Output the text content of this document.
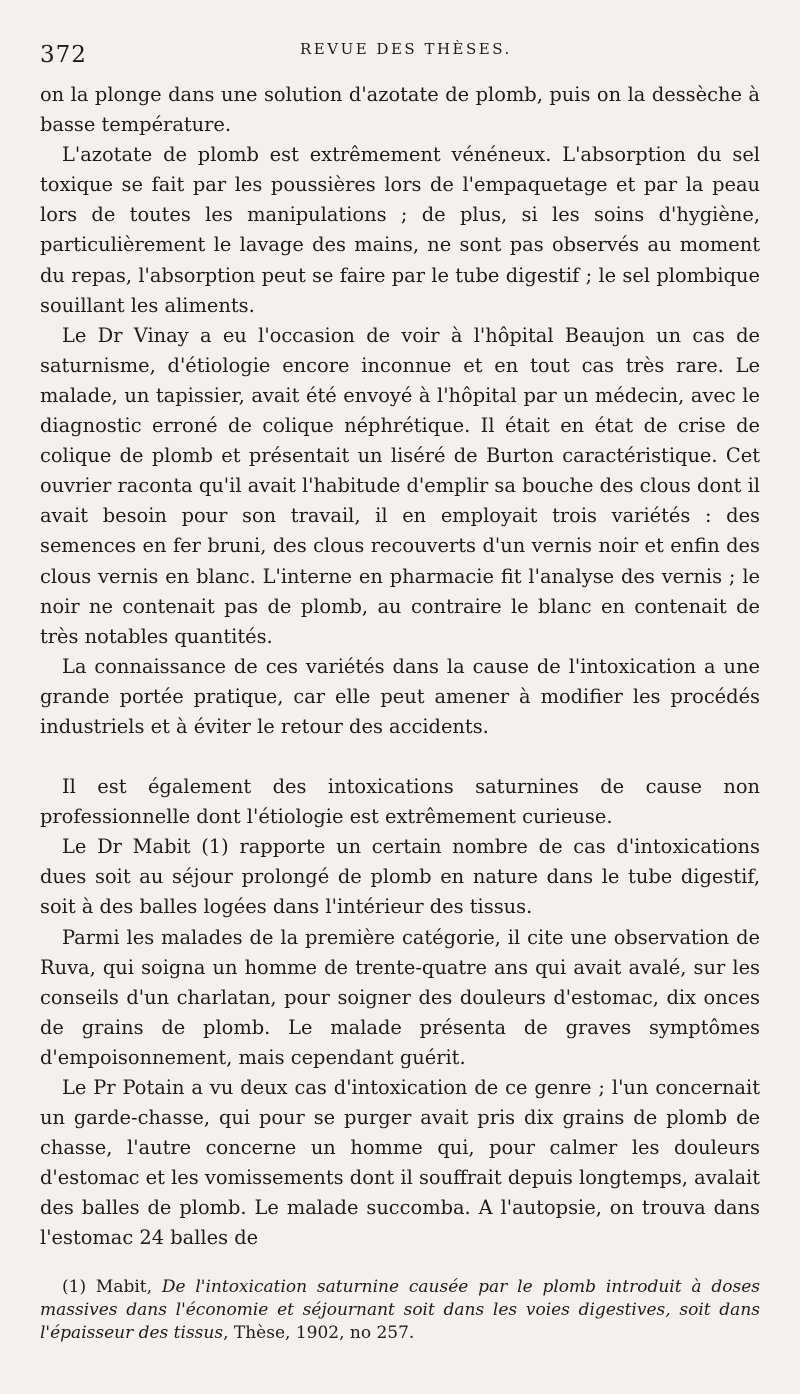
372	REVUE DES THÈSES.

on la plonge dans une solution d'azotate de plomb, puis on la dessèche à basse température.

L'azotate de plomb est extrêmement vénéneux. L'absorption du sel toxique se fait par les poussières lors de l'empaquetage et par la peau lors de toutes les manipulations ; de plus, si les soins d'hygiène, particulièrement le lavage des mains, ne sont pas observés au moment du repas, l'absorption peut se faire par le tube digestif ; le sel plombique souillant les aliments.

Le Dr Vinay a eu l'occasion de voir à l'hôpital Beaujon un cas de saturnisme, d'étiologie encore inconnue et en tout cas très rare. Le malade, un tapissier, avait été envoyé à l'hôpital par un médecin, avec le diagnostic erroné de colique néphrétique. Il était en état de crise de colique de plomb et présentait un liséré de Burton caractéristique. Cet ouvrier raconta qu'il avait l'habitude d'emplir sa bouche des clous dont il avait besoin pour son travail, il en employait trois variétés : des semences en fer bruni, des clous recouverts d'un vernis noir et enfin des clous vernis en blanc. L'interne en pharmacie fit l'analyse des vernis ; le noir ne contenait pas de plomb, au contraire le blanc en contenait de très notables quantités.

La connaissance de ces variétés dans la cause de l'intoxication a une grande portée pratique, car elle peut amener à modifier les procédés industriels et à éviter le retour des accidents.

Il est également des intoxications saturnines de cause non professionnelle dont l'étiologie est extrêmement curieuse.

Le Dr Mabit (1) rapporte un certain nombre de cas d'intoxications dues soit au séjour prolongé de plomb en nature dans le tube digestif, soit à des balles logées dans l'intérieur des tissus.

Parmi les malades de la première catégorie, il cite une observation de Ruva, qui soigna un homme de trente-quatre ans qui avait avalé, sur les conseils d'un charlatan, pour soigner des douleurs d'estomac, dix onces de grains de plomb. Le malade présenta de graves symptômes d'empoisonnement, mais cependant guérit.

Le Pr Potain a vu deux cas d'intoxication de ce genre ; l'un concernait un garde-chasse, qui pour se purger avait pris dix grains de plomb de chasse, l'autre concerne un homme qui, pour calmer les douleurs d'estomac et les vomissements dont il souffrait depuis longtemps, avalait des balles de plomb. Le malade succomba. A l'autopsie, on trouva dans l'estomac 24 balles de

(1) Mabit, De l'intoxication saturnine causée par le plomb introduit à doses massives dans l'économie et séjournant soit dans les voies digestives, soit dans l'épaisseur des tissus, Thèse, 1902, no 257.
